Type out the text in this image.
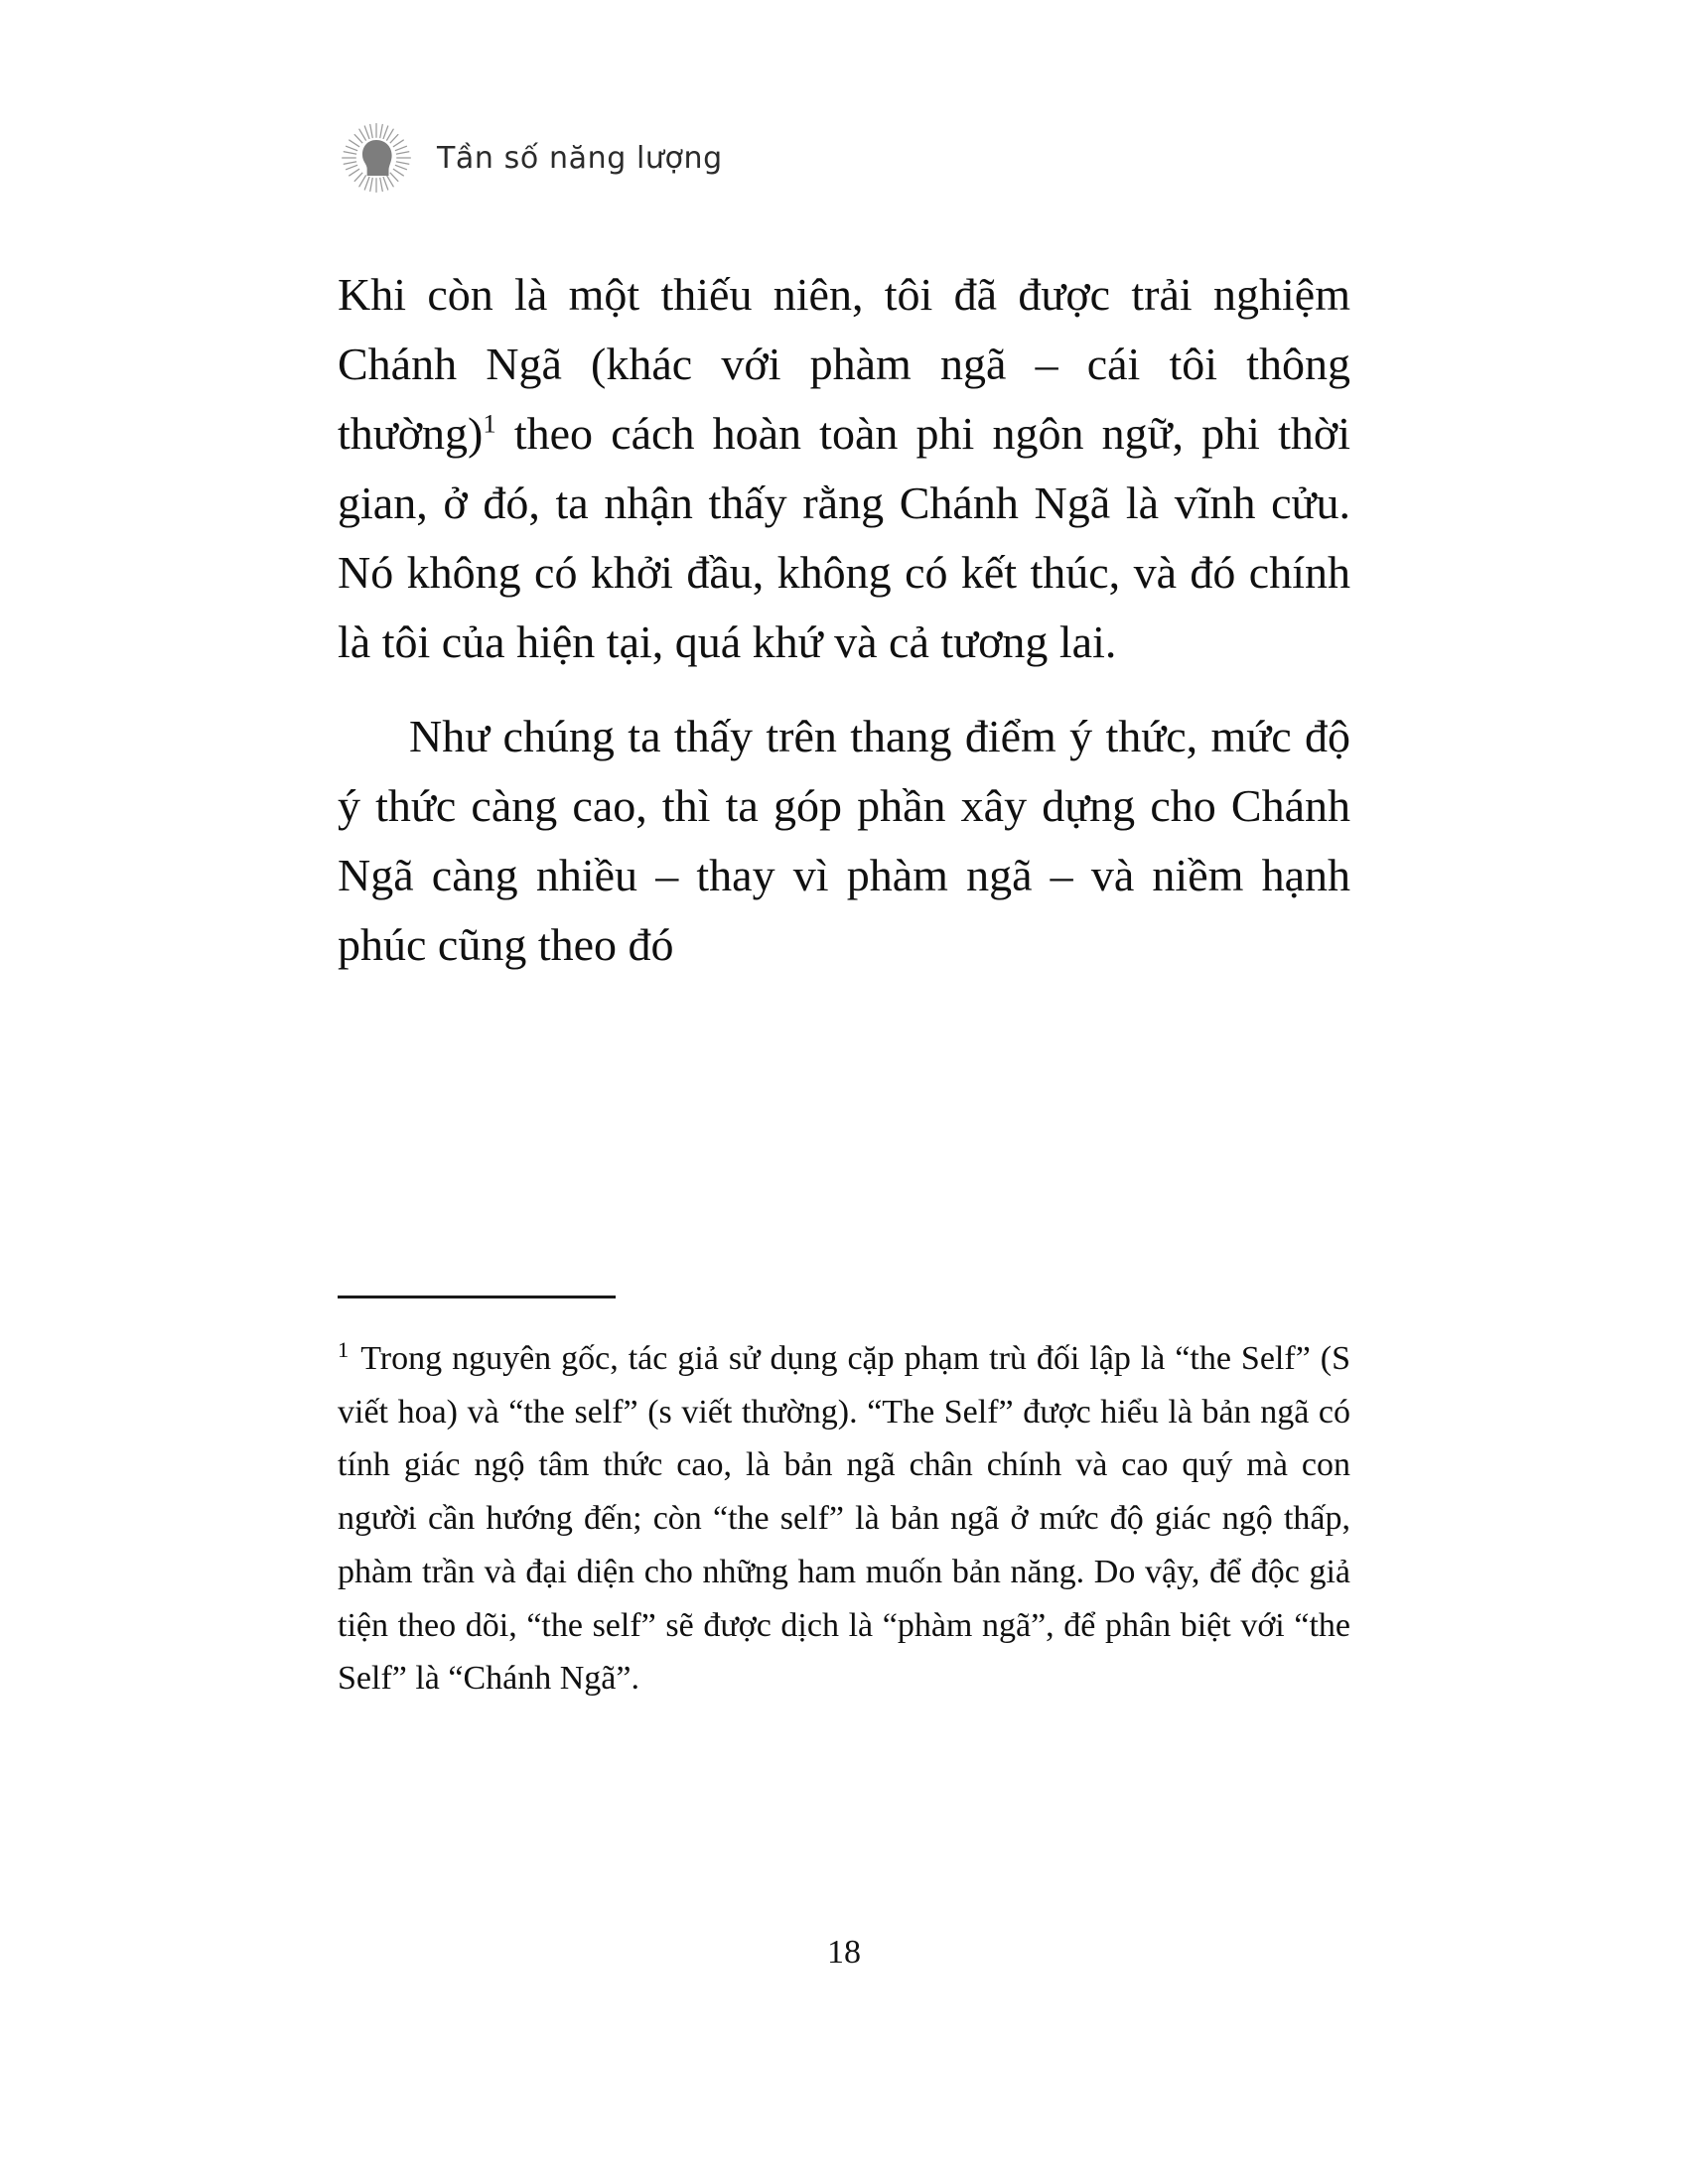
Tần số năng lượng

Khi còn là một thiếu niên, tôi đã được trải nghiệm Chánh Ngã (khác với phàm ngã – cái tôi thông thường)$^1$ theo cách hoàn toàn phi ngôn ngữ, phi thời gian, ở đó, ta nhận thấy rằng Chánh Ngã là vĩnh cửu. Nó không có khởi đầu, không có kết thúc, và đó chính là tôi của hiện tại, quá khứ và cả tương lai.

Như chúng ta thấy trên thang điểm ý thức, mức độ ý thức càng cao, thì ta góp phần xây dựng cho Chánh Ngã càng nhiều – thay vì phàm ngã – và niềm hạnh phúc cũng theo đó

$^1$ Trong nguyên gốc, tác giả sử dụng cặp phạm trù đối lập là “the Self” (S viết hoa) và “the self” (s viết thường). “The Self” được hiểu là bản ngã có tính giác ngộ tâm thức cao, là bản ngã chân chính và cao quý mà con người cần hướng đến; còn “the self” là bản ngã ở mức độ giác ngộ thấp, phàm trần và đại diện cho những ham muốn bản năng. Do vậy, để độc giả tiện theo dõi, “the self” sẽ được dịch là “phàm ngã”, để phân biệt với “the Self” là “Chánh Ngã”.

18
